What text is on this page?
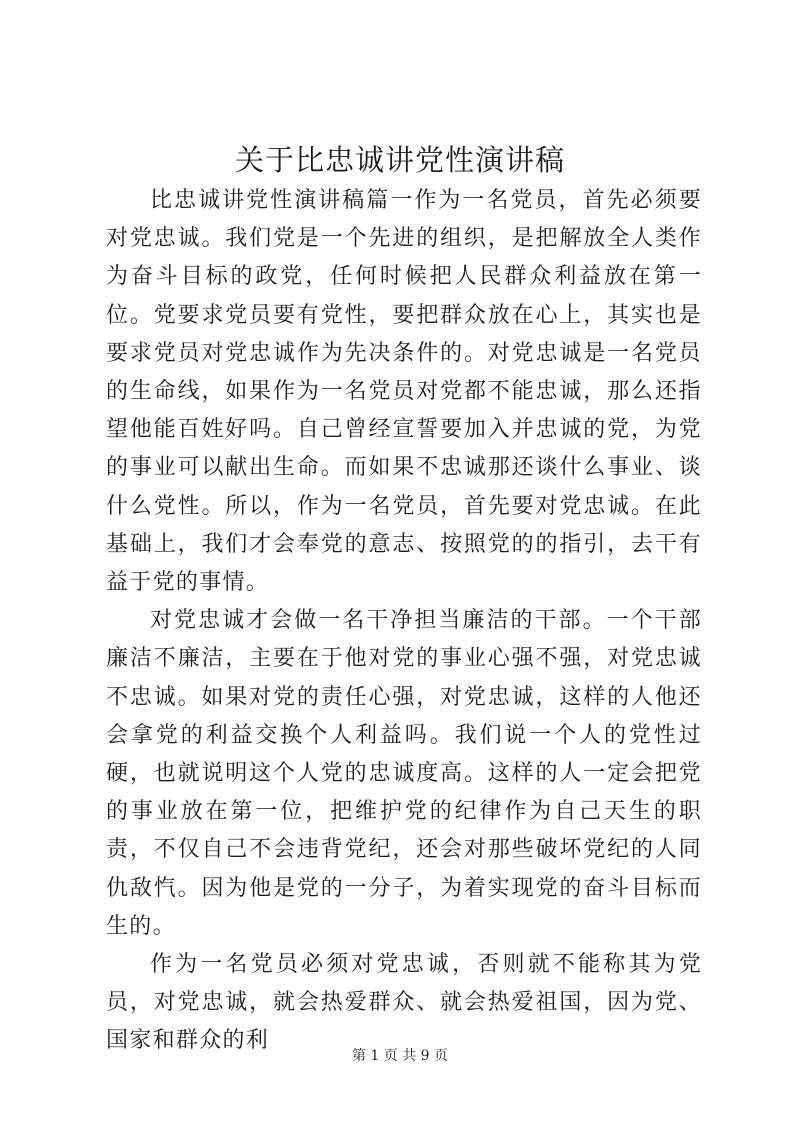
关于比忠诚讲党性演讲稿

比忠诚讲党性演讲稿篇一作为一名党员，首先必须要对党忠诚。我们党是一个先进的组织，是把解放全人类作为奋斗目标的政党，任何时候把人民群众利益放在第一位。党要求党员要有党性，要把群众放在心上，其实也是要求党员对党忠诚作为先决条件的。对党忠诚是一名党员的生命线，如果作为一名党员对党都不能忠诚，那么还指望他能百姓好吗。自己曾经宣誓要加入并忠诚的党，为党的事业可以献出生命。而如果不忠诚那还谈什么事业、谈什么党性。所以，作为一名党员，首先要对党忠诚。在此基础上，我们才会奉党的意志、按照党的的指引，去干有益于党的事情。

对党忠诚才会做一名干净担当廉洁的干部。一个干部廉洁不廉洁，主要在于他对党的事业心强不强，对党忠诚不忠诚。如果对党的责任心强，对党忠诚，这样的人他还会拿党的利益交换个人利益吗。我们说一个人的党性过硬，也就说明这个人党的忠诚度高。这样的人一定会把党的事业放在第一位，把维护党的纪律作为自己天生的职责，不仅自己不会违背党纪，还会对那些破坏党纪的人同仇敌忾。因为他是党的一分子，为着实现党的奋斗目标而生的。

作为一名党员必须对党忠诚，否则就不能称其为党员，对党忠诚，就会热爱群众、就会热爱祖国，因为党、国家和群众的利

第 1 页 共 9 页
